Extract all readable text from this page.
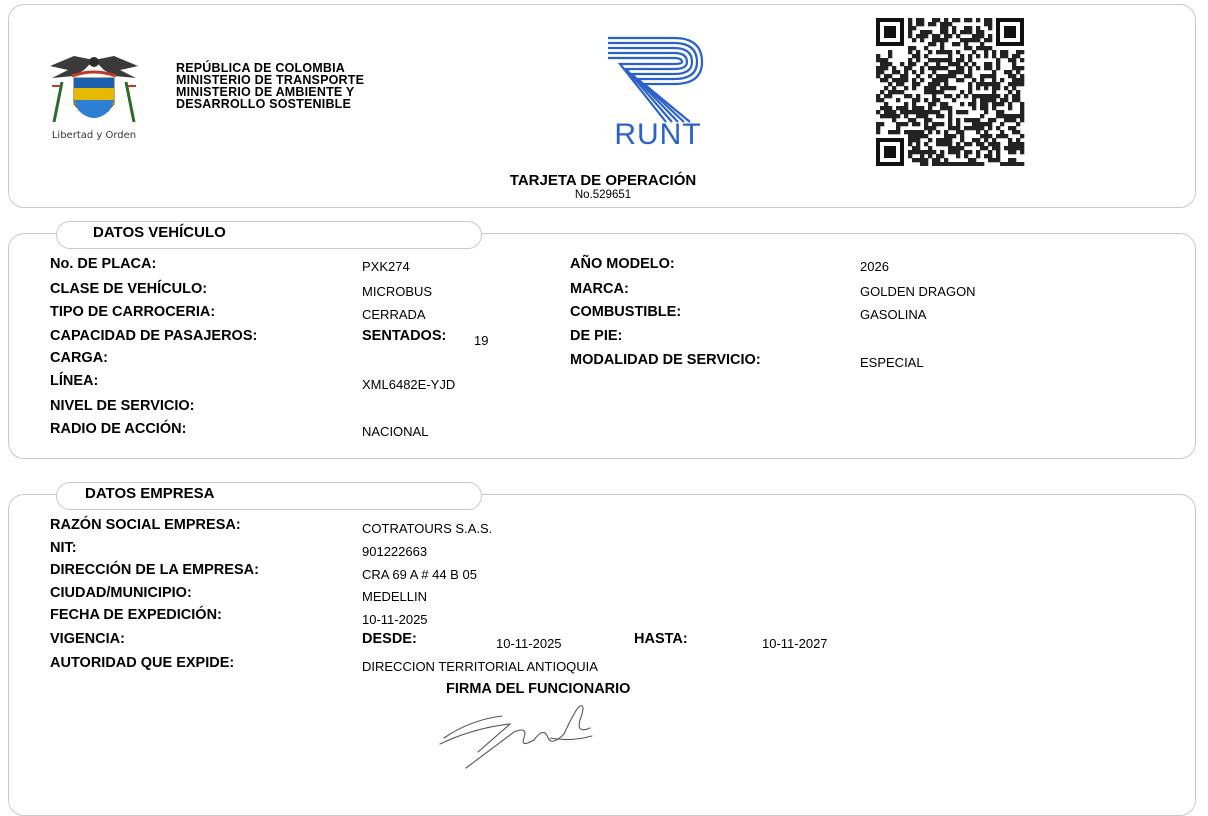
Libertad y Orden
REPÚBLICA DE COLOMBIA
MINISTERIO DE TRANSPORTE
MINISTERIO DE AMBIENTE Y
DESARROLLO SOSTENIBLE
RUNT
TARJETA DE OPERACIÓN
No.529651
DATOS VEHÍCULO
No. DE PLACA:	PXK274
CLASE DE VEHÍCULO:	MICROBUS
TIPO DE CARROCERIA:	CERRADA
CAPACIDAD DE PASAJEROS:	SENTADOS: 19
CARGA:
LÍNEA:	XML6482E-YJD
NIVEL DE SERVICIO:
RADIO DE ACCIÓN:	NACIONAL
AÑO MODELO:	2026
MARCA:	GOLDEN DRAGON
COMBUSTIBLE:	GASOLINA
DE PIE:
MODALIDAD DE SERVICIO:	ESPECIAL
DATOS EMPRESA
RAZÓN SOCIAL EMPRESA:	COTRATOURS S.A.S.
NIT:	901222663
DIRECCIÓN DE LA EMPRESA:	CRA 69 A # 44 B 05
CIUDAD/MUNICIPIO:	MEDELLIN
FECHA DE EXPEDICIÓN:	10-11-2025
VIGENCIA:	DESDE:	10-11-2025	HASTA:	10-11-2027
AUTORIDAD QUE EXPIDE:	DIRECCION TERRITORIAL ANTIOQUIA
FIRMA DEL FUNCIONARIO
